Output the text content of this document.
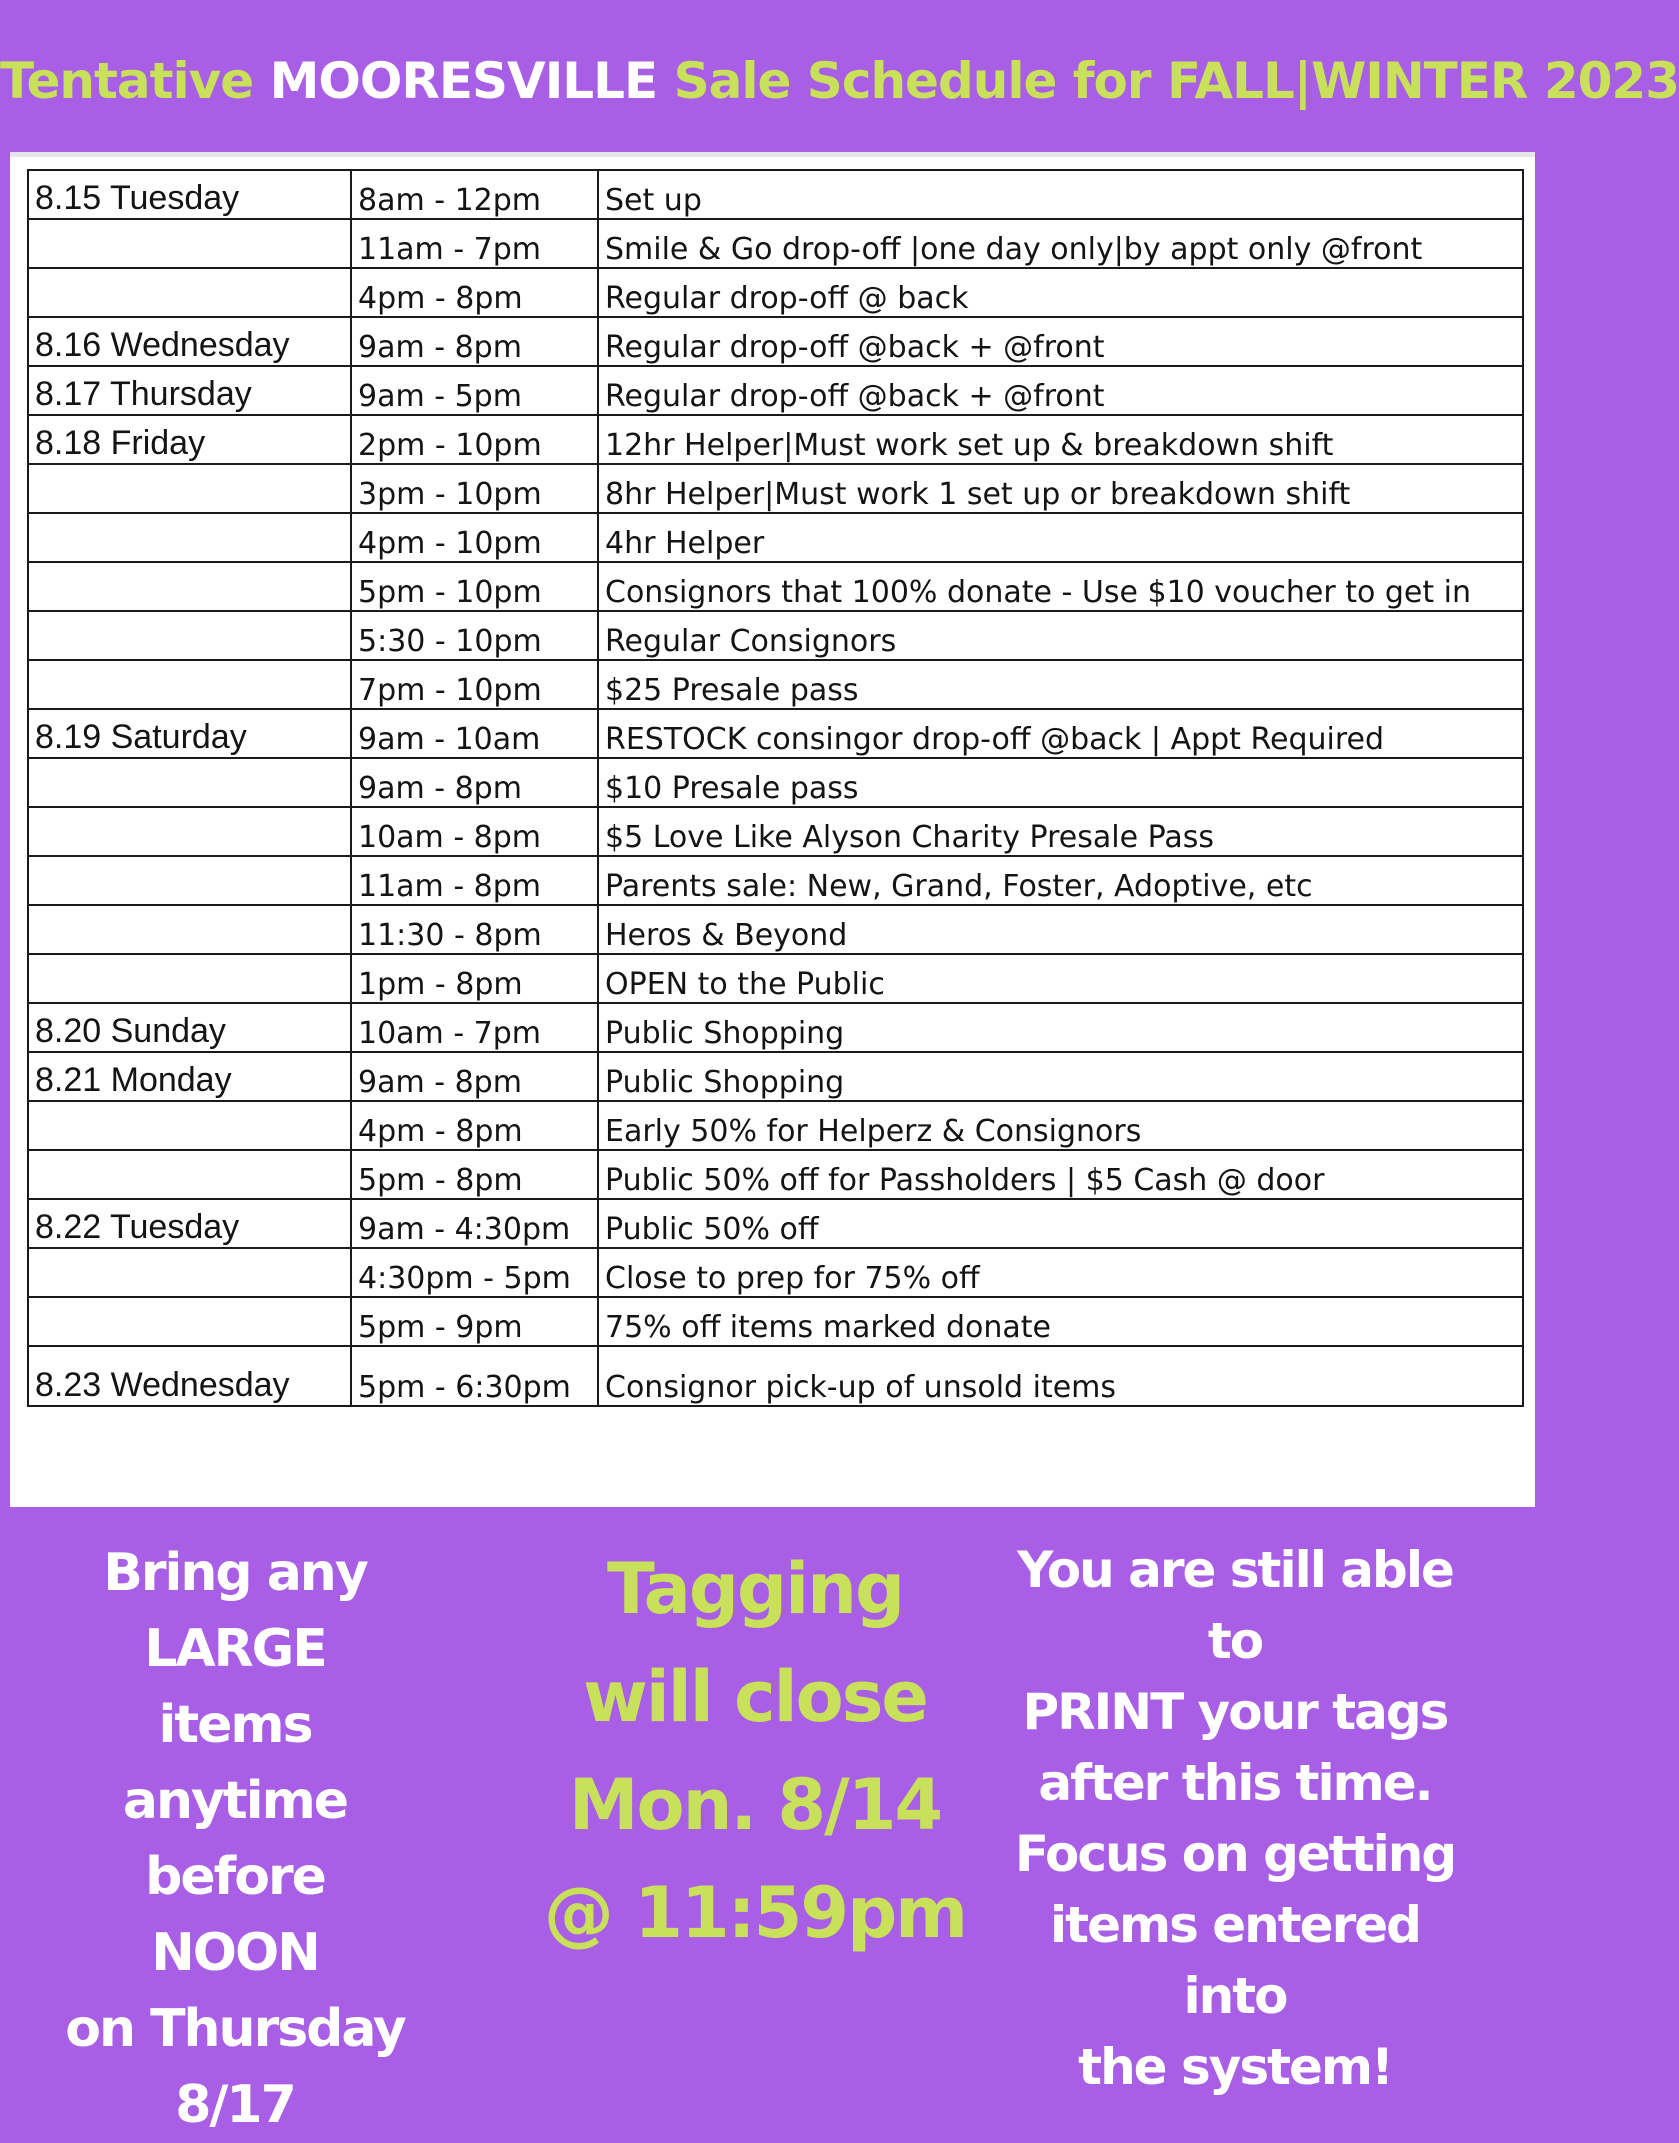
Tentative MOORESVILLE Sale Schedule for FALL|WINTER 2023
8.15 Tuesday	8am - 12pm	Set up
	11am - 7pm	Smile & Go drop-off |one day only|by appt only @front
	4pm - 8pm	Regular drop-off @ back
8.16 Wednesday	9am - 8pm	Regular drop-off @back + @front
8.17 Thursday	9am - 5pm	Regular drop-off @back + @front
8.18 Friday	2pm - 10pm	12hr Helper|Must work set up & breakdown shift
	3pm - 10pm	8hr Helper|Must work 1 set up or breakdown shift
	4pm - 10pm	4hr Helper
	5pm - 10pm	Consignors that 100% donate - Use $10 voucher to get in
	5:30 - 10pm	Regular Consignors
	7pm - 10pm	$25 Presale pass
8.19 Saturday	9am - 10am	RESTOCK consingor drop-off @back | Appt Required
	9am - 8pm	$10 Presale pass
	10am - 8pm	$5 Love Like Alyson Charity Presale Pass
	11am - 8pm	Parents sale: New, Grand, Foster, Adoptive, etc
	11:30 - 8pm	Heros & Beyond
	1pm - 8pm	OPEN to the Public
8.20 Sunday	10am - 7pm	Public Shopping
8.21 Monday	9am - 8pm	Public Shopping
	4pm - 8pm	Early 50% for Helperz & Consignors
	5pm - 8pm	Public 50% off for Passholders | $5 Cash @ door
8.22 Tuesday	9am - 4:30pm	Public 50% off
	4:30pm - 5pm	Close to prep for 75% off
	5pm - 9pm	75% off items marked donate
8.23 Wednesday	5pm - 6:30pm	Consignor pick-up of unsold items
Bring any
LARGE items
anytime
before NOON
on Thursday
8/17
Tagging
will close
Mon. 8/14
@ 11:59pm
You are still able to
PRINT your tags
after this time.
Focus on getting
items entered into
the system!
